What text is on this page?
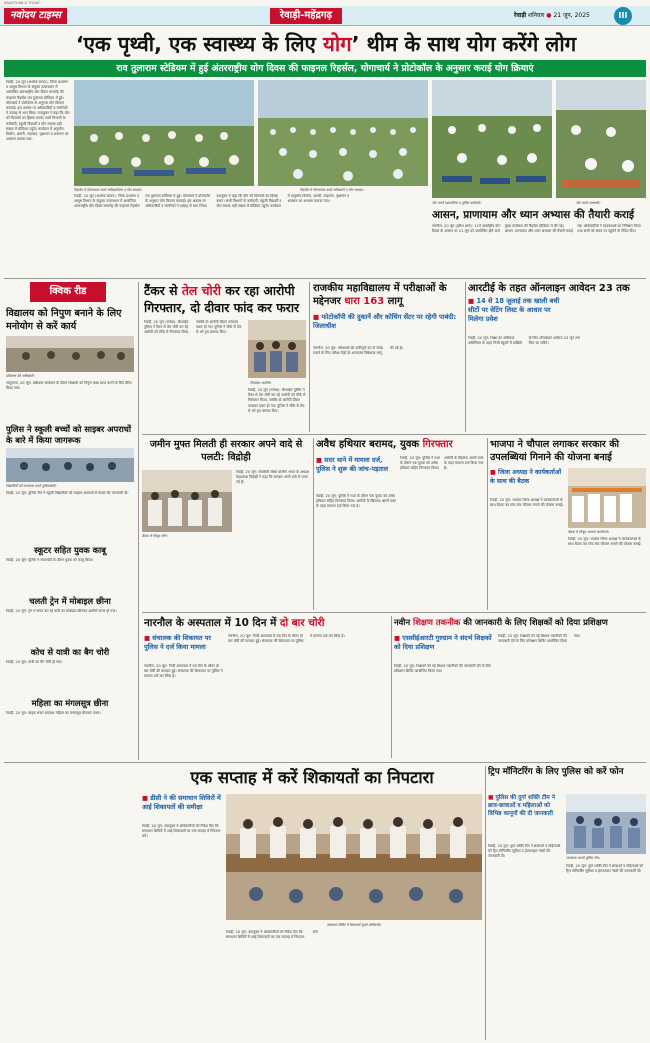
RAJASTHAN & TODAY
नवोदय टाइम्स	रेवाड़ी-महेंद्रगढ़	रेवाड़ी शनिवार ● 21 जून, 2025	III
‘एक पृथ्वी, एक स्वास्थ्य के लिए योग’ थीम के साथ योग करेंगे लोग
राव तुलाराम स्टेडियम में हुई अंतरराष्ट्रीय योग दिवस की फाइनल रिहर्सल, योगाचार्य ने प्रोटोकॉल के अनुसार कराई योग क्रियाएं
रेवाड़ी, 20 जून (अशोक कावत): जिला प्रशासन व आयुष विभाग के संयुक्त तत्वावधान में आयोजित अंतरराष्ट्रीय योग दिवस समारोह की फाइनल रिहर्सल राव तुलाराम स्टेडियम में हुई। योगाचार्य ने प्रोटोकॉल के अनुसार योग क्रियाएं करवाईं। इस अवसर पर अधिकारियों व नागरिकों ने उत्साह से भाग लिया। उपायुक्त ने कहा कि योग को दिनचर्या का हिस्सा बनाएं। सभी विभागों के कर्मचारी, स्कूली विद्यार्थी व योग साधक बड़ी संख्या में स्टेडियम पहुंचे। कार्यक्रम में अनुलोम-विलोम, भ्रामरी, ताड़ासन, वृक्षासन व शवासन का अभ्यास कराया गया।
रिहर्सल में योगाभ्यास करते अधिकारीगण व योग साधक।	रिहर्सल में योगाभ्यास करते अधिकारी व योग साधक।
योग करते प्रशासनिक व पुलिस कर्मचारी।	योग करते अभ्यासी।
रेवाड़ी, 20 जून (अशोक कावत): जिला प्रशासन व आयुष विभाग के संयुक्त तत्वावधान में आयोजित अंतरराष्ट्रीय योग दिवस समारोह की फाइनल रिहर्सल राव तुलाराम स्टेडियम में हुई। योगाचार्य ने प्रोटोकॉल के अनुसार योग क्रियाएं करवाईं। इस अवसर पर अधिकारियों व नागरिकों ने उत्साह से भाग लिया। उपायुक्त ने कहा कि योग को दिनचर्या का हिस्सा बनाएं। सभी विभागों के कर्मचारी, स्कूली विद्यार्थी व योग साधक बड़ी संख्या में स्टेडियम पहुंचे। कार्यक्रम में अनुलोम-विलोम, भ्रामरी, ताड़ासन, वृक्षासन व शवासन का अभ्यास कराया गया।
आसन, प्राणायाम और ध्यान अभ्यास की तैयारी कराई
नारनौल, 20 जून (हरीश शर्मा): 11वें अंतर्राष्ट्रीय योग दिवस के अवसर पर 21 जून को आयोजित होने वाले मुख्य कार्यक्रम की रिहर्सल स्टेडियम में की गई। आसन, प्राणायाम और ध्यान अभ्यास की तैयारी कराई गई। अधिकारियों ने व्यवस्थाओं का निरीक्षण किया तथा सभी को समय पर पहुंचने के निर्देश दिए।
क्विक रीड
विद्यालय को निपुण बनाने के लिए मनोयोग से करें कार्य
प्रशिक्षण देते अधिकारी।
जाटूसाना, 20 जून: प्रशिक्षण कार्यक्रम के दौरान शिक्षकों को निपुण लक्ष्य प्राप्त करने के लिए प्रेरित किया गया।
पुलिस ने स्कूली बच्चों को साइबर अपराधों के बारे में किया जागरूक
विद्यार्थियों को जागरूक करते पुलिसकर्मी।
रेवाड़ी, 20 जून: पुलिस टीम ने स्कूली विद्यार्थियों को साइबर अपराधों से बचाव की जानकारी दी।
स्कूटर सहित युवक काबू
रेवाड़ी, 20 जून: पुलिस ने नाकाबंदी के दौरान युवक को काबू किया।
चलती ट्रेन में मोबाइल छीना
रेवाड़ी, 20 जून: ट्रेन में सफर कर रहे यात्री का मोबाइल छीनकर आरोपी फरार हो गया।
कोच से यात्री का बैग चोरी
रेवाड़ी, 20 जून: यात्री का बैग चोरी हो गया।
महिला का मंगलसूत्र छीना
रेवाड़ी, 20 जून: बाइक सवार बदमाश महिला का मंगलसूत्र छीनकर फरार।
टैंकर से तेल चोरी कर रहा आरोपी
गिरफ्तार, दो दीवार फांद कर फरार
रेवाड़ी, 20 जून (राजेश): सीआईए पुलिस ने टैंकर से तेल चोरी कर रहे आरोपी को मौके से गिरफ्तार किया, जबकि दो आरोपी दीवार फांदकर फरार हो गए। पुलिस ने मौके से तेल से भरे ड्रम बरामद किए।
गिरफ्तार आरोपी।
रेवाड़ी, 20 जून (राजेश): सीआईए पुलिस ने टैंकर से तेल चोरी कर रहे आरोपी को मौके से गिरफ्तार किया, जबकि दो आरोपी दीवार फांदकर फरार हो गए। पुलिस ने मौके से तेल से भरे ड्रम बरामद किए।
राजकीय महाविद्यालय में परीक्षाओं के मद्देनजर धारा 163 लागू
■ फोटोकॉपी की दुकानें और कोचिंग सेंटर पर रहेगी पाबंदी: जिलाधीश
नारनौल, 20 जून: परीक्षाओं को शांतिपूर्ण ढंग से संपन्न कराने के लिए परीक्षा केंद्रों के आसपास निषेधाज्ञा लागू की गई है।
आरटीई के तहत ऑनलाइन आवेदन 23 तक
■ 14 से 18 जुलाई तक खाली बची सीटों पर वेटिंग लिस्ट के आधार पर मिलेगा प्रवेश
रेवाड़ी, 20 जून: शिक्षा का अधिकार अधिनियम के तहत निजी स्कूलों में दाखिले के लिए ऑनलाइन आवेदन 23 जून तक किए जा सकेंगे।
जमीन मुफ्त मिलती ही सरकार अपने वादे से पलटी: विद्रोही
बैठक में मौजूद लोग।
रेवाड़ी, 20 जून: स्वयंसेवी संस्था ग्रामीण भारत के अध्यक्ष वेदप्रकाश विद्रोही ने कहा कि सरकार अपने वादे से पलट गई है।
अवैध हथियार बरामद, युवक गिरफ्तार
■ सदर थाने में मामला दर्ज, पुलिस ने शुरू की जांच-पड़ताल
रेवाड़ी, 20 जून: पुलिस ने गश्त के दौरान एक युवक को अवैध हथियार सहित गिरफ्तार किया। आरोपी के खिलाफ आर्म्स एक्ट के तहत मामला दर्ज किया गया है।
रेवाड़ी, 20 जून: पुलिस ने गश्त के दौरान एक युवक को अवैध हथियार सहित गिरफ्तार किया। आरोपी के खिलाफ आर्म्स एक्ट के तहत मामला दर्ज किया गया है।
भाजपा ने चौपाल लगाकर सरकार की
उपलब्धियां गिनाने की योजना बनाई
■ जिला अध्यक्ष ने कार्यकर्ताओं के साथ की बैठक
रेवाड़ी, 20 जून: भाजपा जिला अध्यक्ष ने कार्यकर्ताओं के साथ बैठक कर गांव-गांव चौपाल लगाने की योजना बनाई।
बैठक में मौजूद भाजपा कार्यकर्ता।
रेवाड़ी, 20 जून: भाजपा जिला अध्यक्ष ने कार्यकर्ताओं के साथ बैठक कर गांव-गांव चौपाल लगाने की योजना बनाई।
नारनौल के अस्पताल में 10 दिन में दो बार चोरी
■ संचालक की शिकायत पर पुलिस ने दर्ज किया मामला
नारनौल, 20 जून: निजी अस्पताल में दस दिन के भीतर दो बार चोरी की वारदात हुई। संचालक की शिकायत पर पुलिस ने मामला दर्ज कर लिया है।
नारनौल, 20 जून: निजी अस्पताल में दस दिन के भीतर दो बार चोरी की वारदात हुई। संचालक की शिकायत पर पुलिस ने मामला दर्ज कर लिया है।
नवीन शिक्षण तकनीक की जानकारी के लिए शिक्षकों को दिया प्रशिक्षण
■ एससीईआरटी गुरुग्राम ने संदर्भ शिक्षकों को दिया प्रशिक्षण
रेवाड़ी, 20 जून: शिक्षकों को नई शिक्षण तकनीकों की जानकारी देने के लिए प्रशिक्षण शिविर आयोजित किया गया।
रेवाड़ी, 20 जून: शिक्षकों को नई शिक्षण तकनीकों की जानकारी देने के लिए प्रशिक्षण शिविर आयोजित किया गया।
एक सप्ताह में करें शिकायतों का निपटारा
■ डीसी ने की समाधान शिविरों में आई शिकायतों की समीक्षा
रेवाड़ी, 20 जून: उपायुक्त ने अधिकारियों को निर्देश दिए कि समाधान शिविरों में आई शिकायतों का एक सप्ताह में निपटारा करें।
समाधान शिविर में शिकायतें सुनते अधिकारी।
रेवाड़ी, 20 जून: उपायुक्त ने अधिकारियों को निर्देश दिए कि समाधान शिविरों में आई शिकायतों का एक सप्ताह में निपटारा करें।
ट्रिप मॉनिटरिंग के लिए पुलिस को करें फोन
■ पुलिस की दुर्गा शक्ति टीम ने छात्र-छात्राओं व महिलाओं को विभिन्न कानूनों की दी जानकारी
जागरूक करती पुलिस टीम।
रेवाड़ी, 20 जून: दुर्गा शक्ति टीम ने छात्राओं व महिलाओं को ट्रिप मॉनिटरिंग सुविधा व हेल्पलाइन नंबरों की जानकारी दी।
रेवाड़ी, 20 जून: दुर्गा शक्ति टीम ने छात्राओं व महिलाओं को ट्रिप मॉनिटरिंग सुविधा व हेल्पलाइन नंबरों की जानकारी दी।
